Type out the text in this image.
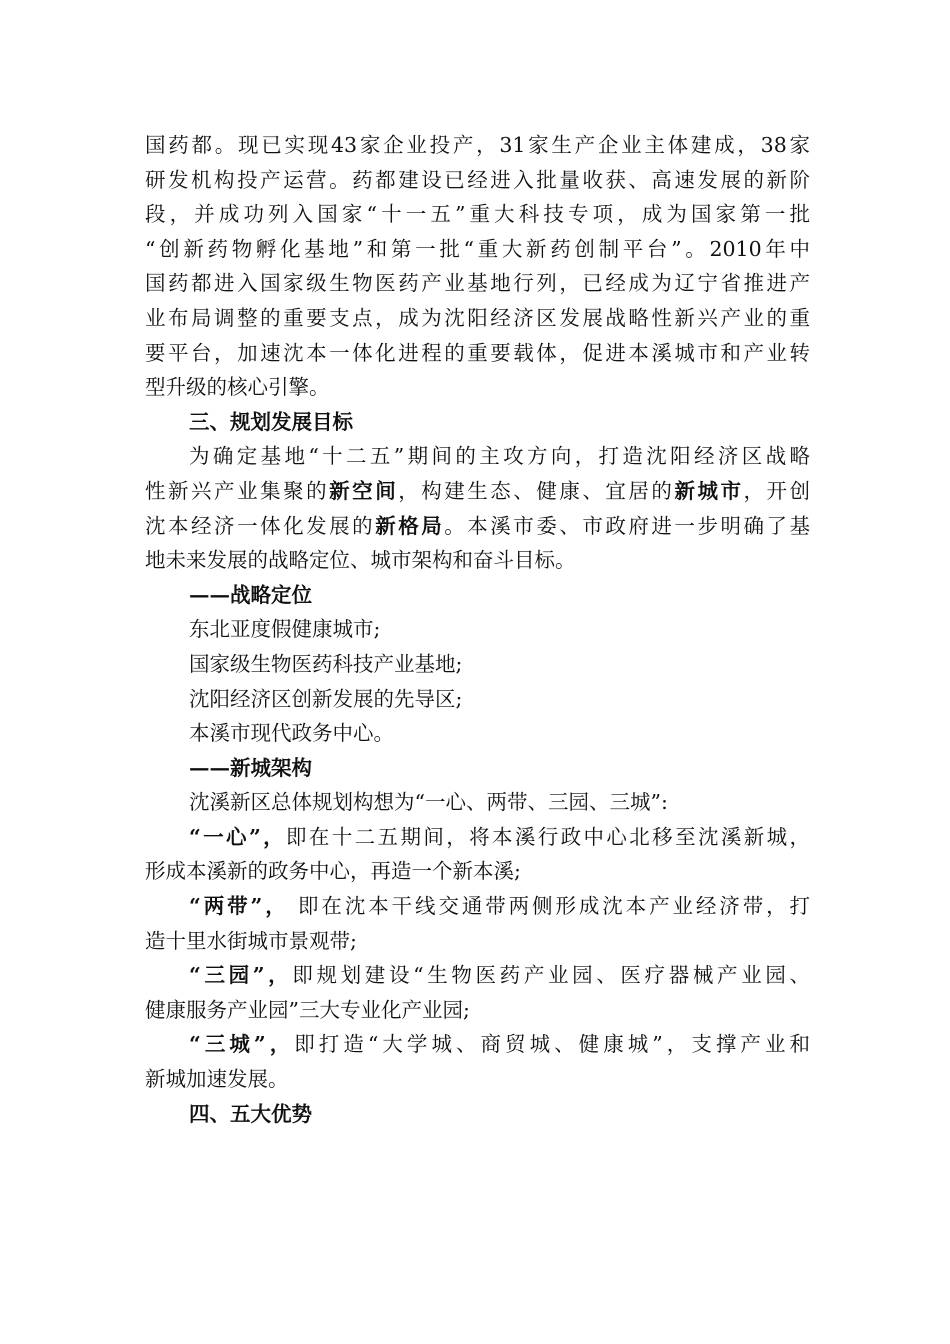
国药都。现已实现43家企业投产，31家生产企业主体建成，38家
研发机构投产运营。药都建设已经进入批量收获、高速发展的新阶
段，并成功列入国家“十一五”重大科技专项，成为国家第一批
“创新药物孵化基地”和第一批“重大新药创制平台”。2010年中
国药都进入国家级生物医药产业基地行列，已经成为辽宁省推进产
业布局调整的重要支点，成为沈阳经济区发展战略性新兴产业的重
要平台，加速沈本一体化进程的重要载体，促进本溪城市和产业转
型升级的核心引擎。
三、规划发展目标
为确定基地“十二五”期间的主攻方向，打造沈阳经济区战略
性新兴产业集聚的新空间，构建生态、健康、宜居的新城市，开创
沈本经济一体化发展的新格局。本溪市委、市政府进一步明确了基
地未来发展的战略定位、城市架构和奋斗目标。
——战略定位
东北亚度假健康城市;
国家级生物医药科技产业基地;
沈阳经济区创新发展的先导区;
本溪市现代政务中心。
——新城架构
沈溪新区总体规划构想为“一心、两带、三园、三城”:
“一心”，即在十二五期间，将本溪行政中心北移至沈溪新城，
形成本溪新的政务中心，再造一个新本溪;
“两带”， 即在沈本干线交通带两侧形成沈本产业经济带，打
造十里水街城市景观带;
“三园”，即规划建设“生物医药产业园、医疗器械产业园、
健康服务产业园”三大专业化产业园;
“三城”，即打造“大学城、商贸城、健康城”，支撑产业和
新城加速发展。
四、五大优势
